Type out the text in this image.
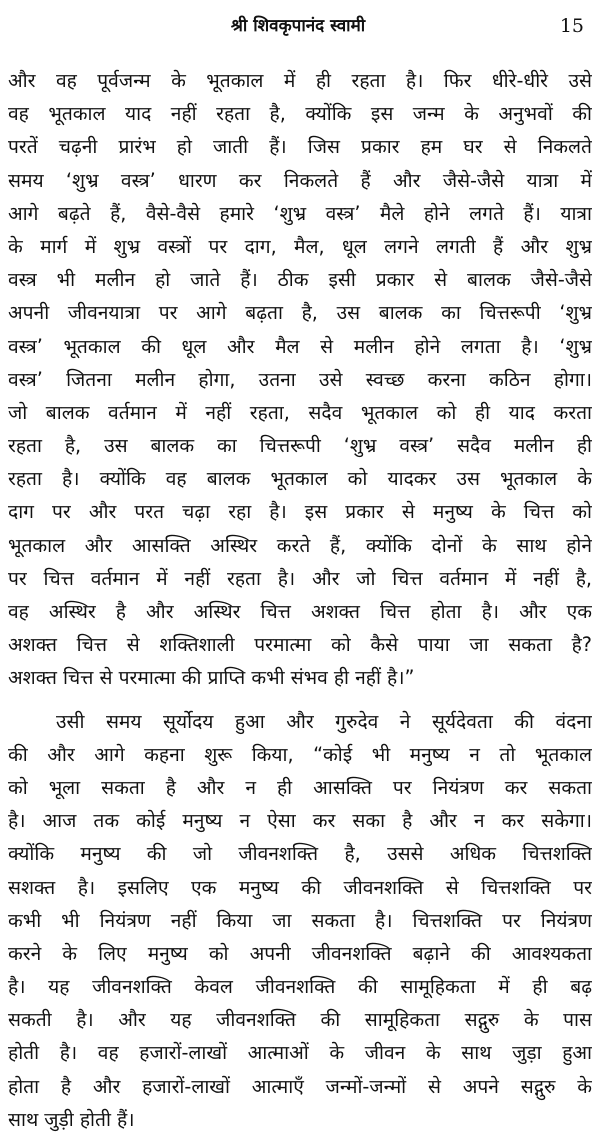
श्री शिवकृपानंद स्वामी	15
और वह पूर्वजन्म के भूतकाल में ही रहता है। फिर धीरे-धीरे उसे
वह भूतकाल याद नहीं रहता है, क्योंकि इस जन्म के अनुभवों की
परतें चढ़नी प्रारंभ हो जाती हैं। जिस प्रकार हम घर से निकलते
समय ‘शुभ्र वस्त्र’ धारण कर निकलते हैं और जैसे-जैसे यात्रा में
आगे बढ़ते हैं, वैसे-वैसे हमारे ‘शुभ्र वस्त्र’ मैले होने लगते हैं। यात्रा
के मार्ग में शुभ्र वस्त्रों पर दाग, मैल, धूल लगने लगती हैं और शुभ्र
वस्त्र भी मलीन हो जाते हैं। ठीक इसी प्रकार से बालक जैसे-जैसे
अपनी जीवनयात्रा पर आगे बढ़ता है, उस बालक का चित्तरूपी ‘शुभ्र
वस्त्र’ भूतकाल की धूल और मैल से मलीन होने लगता है। ‘शुभ्र
वस्त्र’ जितना मलीन होगा, उतना उसे स्वच्छ करना कठिन होगा।
जो बालक वर्तमान में नहीं रहता, सदैव भूतकाल को ही याद करता
रहता है, उस बालक का चित्तरूपी ‘शुभ्र वस्त्र’ सदैव मलीन ही
रहता है। क्योंकि वह बालक भूतकाल को यादकर उस भूतकाल के
दाग पर और परत चढ़ा रहा है। इस प्रकार से मनुष्य के चित्त को
भूतकाल और आसक्ति अस्थिर करते हैं, क्योंकि दोनों के साथ होने
पर चित्त वर्तमान में नहीं रहता है। और जो चित्त वर्तमान में नहीं है,
वह अस्थिर है और अस्थिर चित्त अशक्त चित्त होता है। और एक
अशक्त चित्त से शक्तिशाली परमात्मा को कैसे पाया जा सकता है?
अशक्त चित्त से परमात्मा की प्राप्ति कभी संभव ही नहीं है।”
उसी समय सूर्योदय हुआ और गुरुदेव ने सूर्यदेवता की वंदना
की और आगे कहना शुरू किया, “कोई भी मनुष्य न तो भूतकाल
को भूला सकता है और न ही आसक्ति पर नियंत्रण कर सकता
है। आज तक कोई मनुष्य न ऐसा कर सका है और न कर सकेगा।
क्योंकि मनुष्य की जो जीवनशक्ति है, उससे अधिक चित्तशक्ति
सशक्त है। इसलिए एक मनुष्य की जीवनशक्ति से चित्तशक्ति पर
कभी भी नियंत्रण नहीं किया जा सकता है। चित्तशक्ति पर नियंत्रण
करने के लिए मनुष्य को अपनी जीवनशक्ति बढ़ाने की आवश्यकता
है। यह जीवनशक्ति केवल जीवनशक्ति की सामूहिकता में ही बढ़
सकती है। और यह जीवनशक्ति की सामूहिकता सद्गुरु के पास
होती है। वह हजारों-लाखों आत्माओं के जीवन के साथ जुड़ा हुआ
होता है और हजारों-लाखों आत्माएँ जन्मों-जन्मों से अपने सद्गुरु के
साथ जुड़ी होती हैं।
